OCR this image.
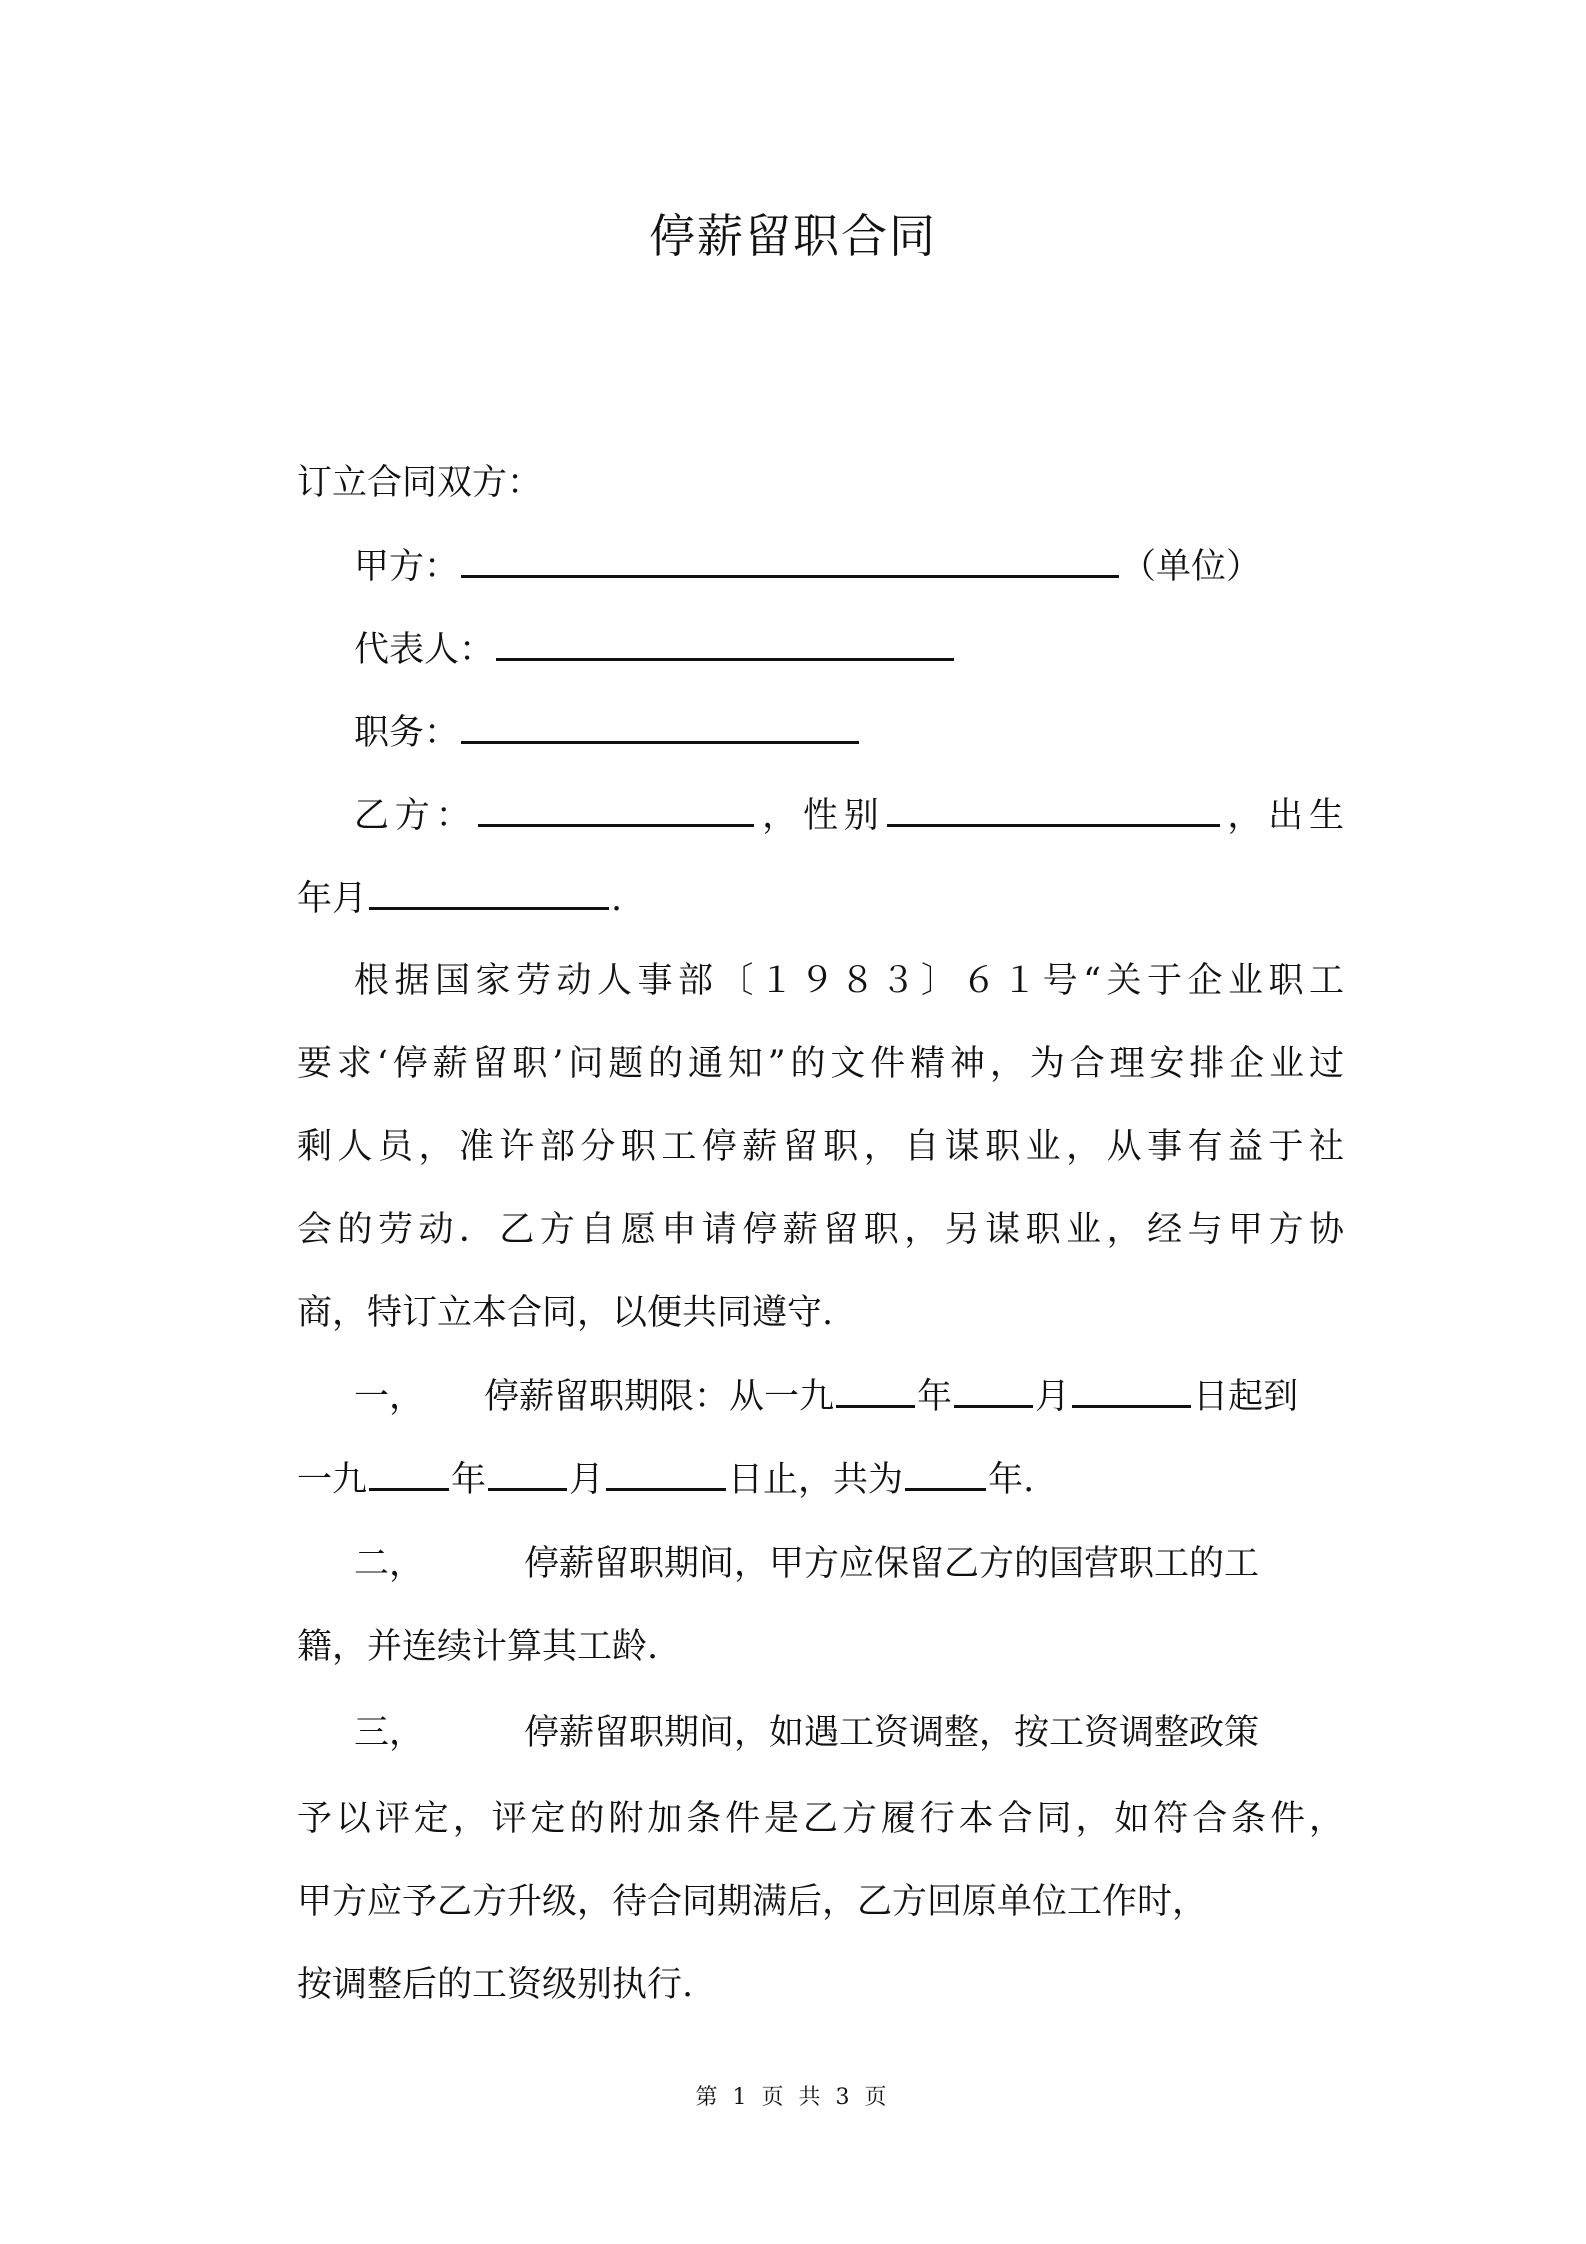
停薪留职合同
订立合同双方：
甲方：	（单位）
代表人：
职务：
乙方：	，性别	，出生
年月	.
根据国家劳动人事部〔１９８３〕６１号“关于企业职工
要求‘停薪留职’问题的通知”的文件精神，为合理安排企业过
剩人员，准许部分职工停薪留职，自谋职业，从事有益于社
会的劳动．乙方自愿申请停薪留职，另谋职业，经与甲方协
商，特订立本合同，以便共同遵守.
一， 停薪留职期限：从一九 年 月	日起到
一九 年 月	日止，共为 年.
二，	停薪留职期间，甲方应保留乙方的国营职工的工
籍，并连续计算其工龄.
三，	停薪留职期间，如遇工资调整，按工资调整政策
予以评定，评定的附加条件是乙方履行本合同，如符合条件，
甲方应予乙方升级，待合同期满后，乙方回原单位工作时，
按调整后的工资级别执行.
第 1 页 共 3 页
